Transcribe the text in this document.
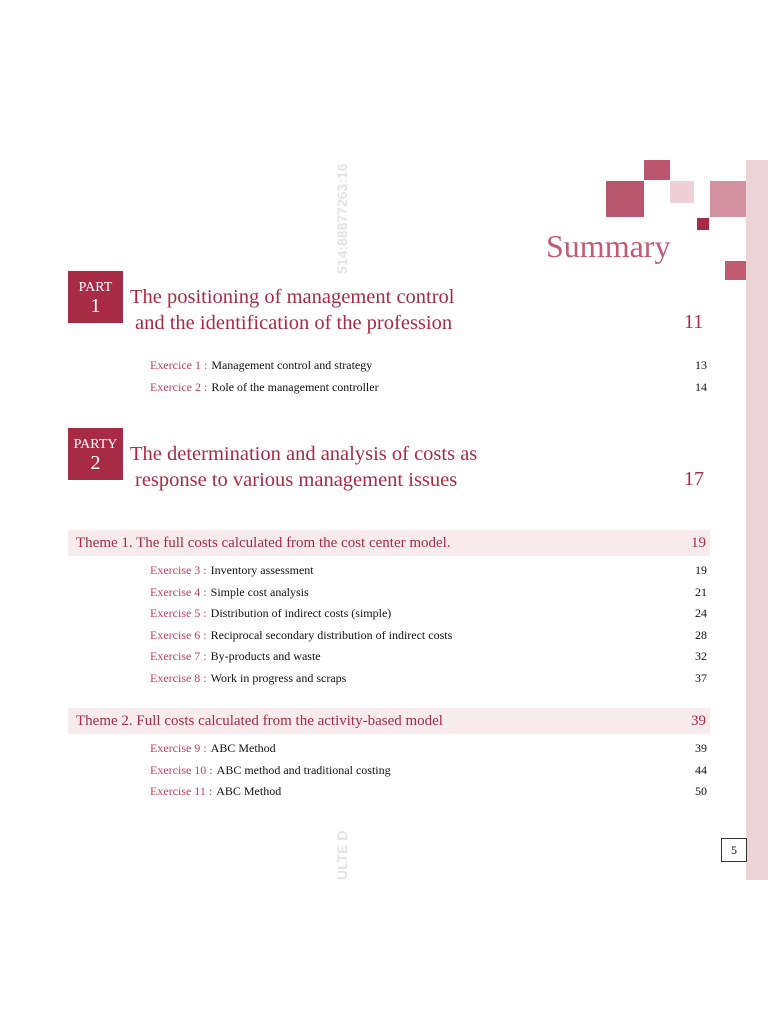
514:88877263:16
ULTE D
Summary
PART
1	The positioning of management control
and the identification of the profession	11
Exercice 1 : Management control and strategy	13
Exercice 2 : Role of the management controller	14
PARTY
2	The determination and analysis of costs as
response to various management issues	17
Theme 1. The full costs calculated from the cost center model.	19
Exercise 3 : Inventory assessment	19
Exercise 4 : Simple cost analysis	21
Exercise 5 : Distribution of indirect costs (simple)	24
Exercise 6 : Reciprocal secondary distribution of indirect costs	28
Exercise 7 : By-products and waste	32
Exercise 8 : Work in progress and scraps	37
Theme 2. Full costs calculated from the activity-based model	39
Exercise 9 : ABC Method	39
Exercise 10 : ABC method and traditional costing	44
Exercise 11 : ABC Method	50
5
